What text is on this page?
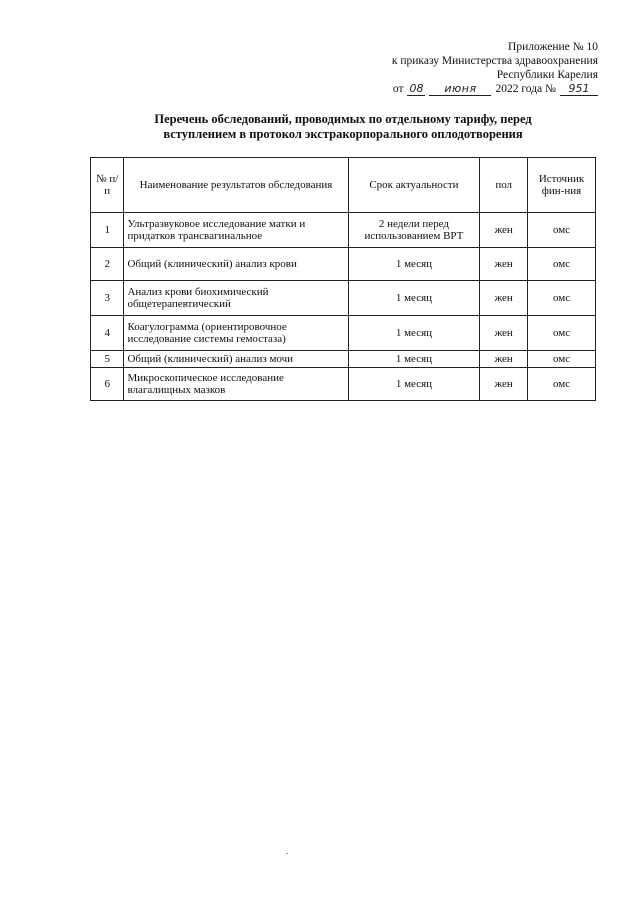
Приложение № 10
к приказу Министерства здравоохранения
Республики Карелия
от 08	июня	2022 года №	951
Перечень обследований, проводимых по отдельному тарифу, перед
вступлением в протокол экстракорпорального оплодотворения
№ п/п	Наименование результатов обследования	Срок актуальности	пол	Источник фин-ния
1	Ультразвуковое исследование матки и придатков трансвагинальное	2 недели перед использованием ВРТ	жен	омс
2	Общий (клинический) анализ крови	1 месяц	жен	омс
3	Анализ крови биохимический общетерапевтический	1 месяц	жен	омс
4	Коагулограмма (ориентировочное исследование системы гемостаза)	1 месяц	жен	омс
5	Общий (клинический) анализ мочи	1 месяц	жен	омс
6	Микроскопическое исследование влагалищных мазков	1 месяц	жен	омс
